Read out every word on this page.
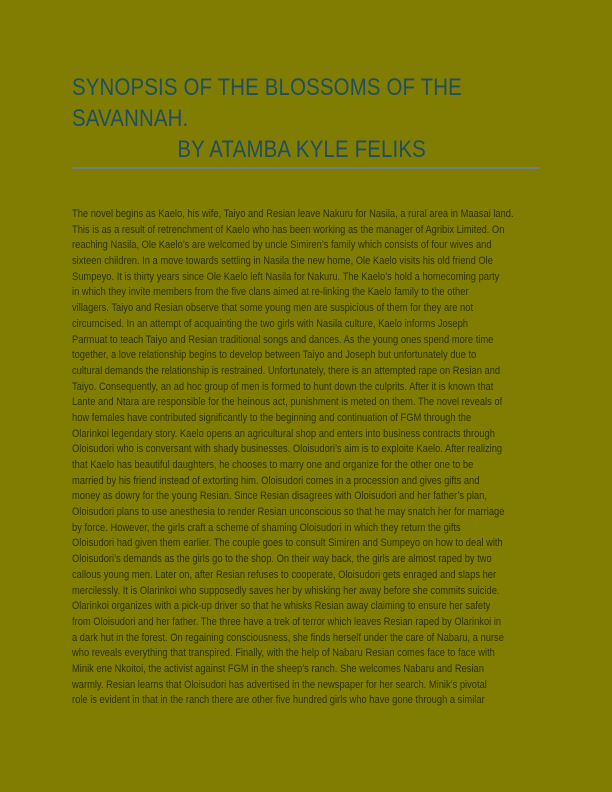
SYNOPSIS OF THE BLOSSOMS OF THE
SAVANNAH.
BY ATAMBA KYLE FELIKS
The novel begins as Kaelo, his wife, Taiyo and Resian leave Nakuru for Nasila, a rural area in Maasai land.
This is as a result of retrenchment of Kaelo who has been working as the manager of Agribix Limited. On
reaching Nasila, Ole Kaelo’s are welcomed by uncle Simiren’s family which consists of four wives and
sixteen children. In a move towards settling in Nasila the new home, Ole Kaelo visits his old friend Ole
Sumpeyo. It is thirty years since Ole Kaelo left Nasila for Nakuru. The Kaelo’s hold a homecoming party
in which they invite members from the five clans aimed at re-linking the Kaelo family to the other
villagers. Taiyo and Resian observe that some young men are suspicious of them for they are not
circumcised. In an attempt of acquainting the two girls with Nasila culture, Kaelo informs Joseph
Parmuat to teach Taiyo and Resian traditional songs and dances. As the young ones spend more time
together, a love relationship begins to develop between Taiyo and Joseph but unfortunately due to
cultural demands the relationship is restrained. Unfortunately, there is an attempted rape on Resian and
Taiyo. Consequently, an ad hoc group of men is formed to hunt down the culprits. After it is known that
Lante and Ntara are responsible for the heinous act, punishment is meted on them. The novel reveals of
how females have contributed significantly to the beginning and continuation of FGM through the
Olarinkoi legendary story. Kaelo opens an agricultural shop and enters into business contracts through
Oloisudori who is conversant with shady businesses. Oloisudori’s aim is to exploite Kaelo. After realizing
that Kaelo has beautiful daughters, he chooses to marry one and organize for the other one to be
married by his friend instead of extorting him. Oloisudori comes in a procession and gives gifts and
money as dowry for the young Resian. Since Resian disagrees with Oloisudori and her father’s plan,
Oloisudori plans to use anesthesia to render Resian unconscious so that he may snatch her for marriage
by force. However, the girls craft a scheme of shaming Oloisudori in which they return the gifts
Oloisudori had given them earlier. The couple goes to consult Simiren and Sumpeyo on how to deal with
Oloisudori’s demands as the girls go to the shop. On their way back, the girls are almost raped by two
callous young men. Later on, after Resian refuses to cooperate, Oloisudori gets enraged and slaps her
mercilessly. It is Olarinkoi who supposedly saves her by whisking her away before she commits suicide.
Olarinkoi organizes with a pick-up driver so that he whisks Resian away claiming to ensure her safety
from Oloisudori and her father. The three have a trek of terror which leaves Resian raped by Olarinkoi in
a dark hut in the forest. On regaining consciousness, she finds herself under the care of Nabaru, a nurse
who reveals everything that transpired. Finally, with the help of Nabaru Resian comes face to face with
Minik ene Nkoitoi, the activist against FGM in the sheep’s ranch. She welcomes Nabaru and Resian
warmly. Resian learns that Oloisudori has advertised in the newspaper for her search. Minik’s pivotal
role is evident in that in the ranch there are other five hundred girls who have gone through a similar
